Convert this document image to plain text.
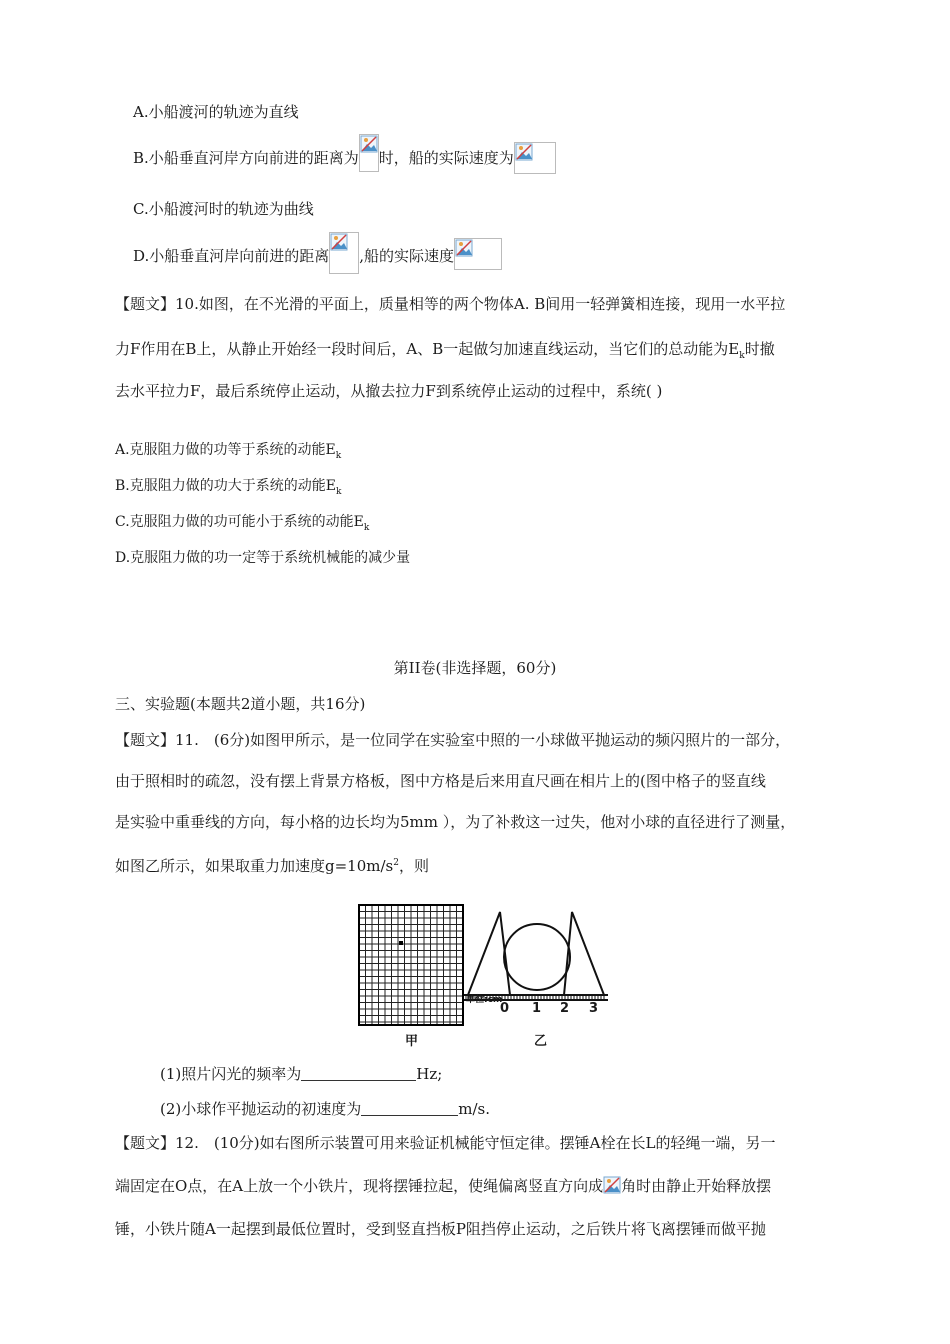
A.小船渡河的轨迹为直线
B.小船垂直河岸方向前进的距离为 时，船的实际速度为
C.小船渡河时的轨迹为曲线
D.小船垂直河岸向前进的距离 ,船的实际速度
【题文】10.如图，在不光滑的平面上，质量相等的两个物体A. B间用一轻弹簧相连接，现用一水平拉
力F作用在B上，从静止开始经一段时间后，A、B一起做匀加速直线运动，当它们的总动能为$E_k$时撤
去水平拉力F，最后系统停止运动，从撤去拉力F到系统停止运动的过程中，系统( )
A.克服阻力做的功等于系统的动能$E_k$
B.克服阻力做的功大于系统的动能$E_k$
C.克服阻力做的功可能小于系统的动能$E_k$
D.克服阻力做的功一定等于系统机械能的减少量
第II卷(非选择题，60分)
三、实验题(本题共2道小题，共16分)
【题文】11.　(6分)如图甲所示，是一位同学在实验室中照的一小球做平抛运动的频闪照片的一部分，
由于照相时的疏忽，没有摆上背景方格板，图中方格是后来用直尺画在相片上的(图中格子的竖直线
是实验中重垂线的方向，每小格的边长均为5mm ），为了补救这一过失，他对小球的直径进行了测量，
如图乙所示，如果取重力加速度$g=10m/s^2$，则
甲
单位:cm
0 1 2 3
乙
(1)照片闪光的频率为	Hz;
(2)小球作平抛运动的初速度为	m/s.
【题文】12.　(10分)如右图所示装置可用来验证机械能守恒定律。摆锤A栓在长L的轻绳一端，另一
端固定在O点，在A上放一个小铁片，现将摆锤拉起，使绳偏离竖直方向成 角时由静止开始释放摆
锤，小铁片随A一起摆到最低位置时，受到竖直挡板P阻挡停止运动，之后铁片将飞离摆锤而做平抛
